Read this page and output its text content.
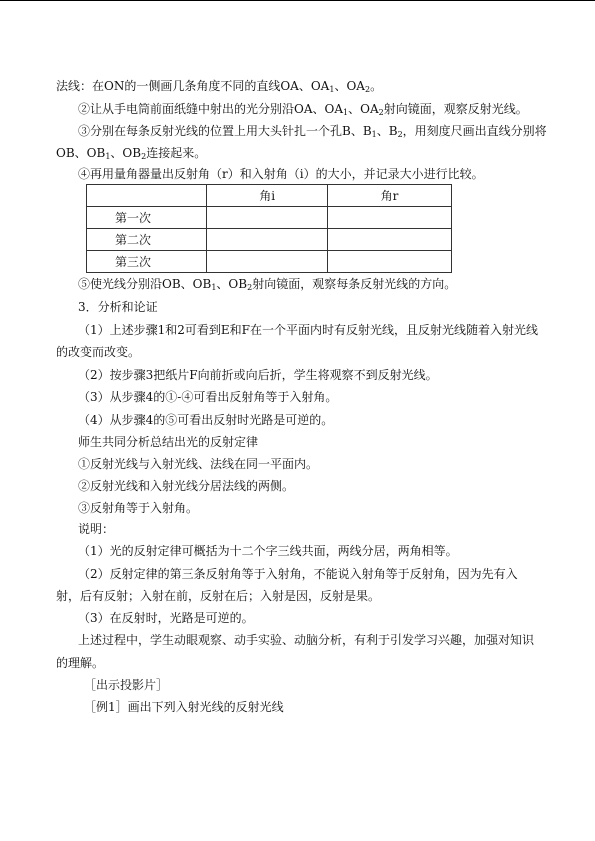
法线：在ON的一侧画几条角度不同的直线OA、$OA_1$、$OA_2$。
②让从手电筒前面纸缝中射出的光分别沿OA、$OA_1$、$OA_2$射向镜面，观察反射光线。
③分别在每条反射光线的位置上用大头针扎一个孔B、$B_1$、$B_2$，用刻度尺画出直线分别将
OB、$OB_1$、$OB_2$连接起来。
④再用量角器量出反射角（r）和入射角（i）的大小，并记录大小进行比较。
	角i	角r
第一次		
第二次		
第三次		
⑤使光线分别沿OB、$OB_1$、$OB_2$射向镜面，观察每条反射光线的方向。
3．分析和论证
（1）上述步骤1和2可看到E和F在一个平面内时有反射光线，且反射光线随着入射光线
的改变而改变。
（2）按步骤3把纸片F向前折或向后折，学生将观察不到反射光线。
（3）从步骤4的①-④可看出反射角等于入射角。
（4）从步骤4的⑤可看出反射时光路是可逆的。
师生共同分析总结出光的反射定律
①反射光线与入射光线、法线在同一平面内。
②反射光线和入射光线分居法线的两侧。
③反射角等于入射角。
说明：
（1）光的反射定律可概括为十二个字三线共面，两线分居，两角相等。
（2）反射定律的第三条反射角等于入射角，不能说入射角等于反射角，因为先有入
射，后有反射；入射在前，反射在后；入射是因，反射是果。
（3）在反射时，光路是可逆的。
上述过程中，学生动眼观察、动手实验、动脑分析，有利于引发学习兴趣，加强对知识
的理解。
［出示投影片］
［例1］画出下列入射光线的反射光线
